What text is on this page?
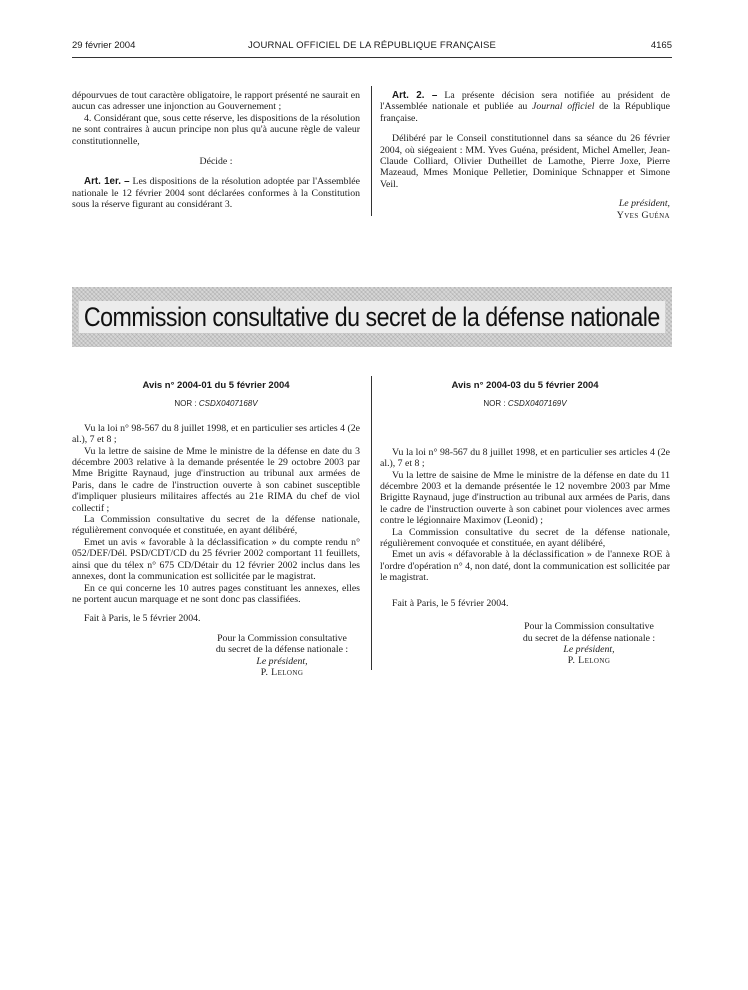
29 février 2004	JOURNAL OFFICIEL DE LA RÉPUBLIQUE FRANÇAISE	4165

dépourvues de tout caractère obligatoire, le rapport présenté ne saurait en aucun cas adresser une injonction au Gouvernement ;

4. Considérant que, sous cette réserve, les dispositions de la résolution ne sont contraires à aucun principe non plus qu'à aucune règle de valeur constitutionnelle,

Décide :

Art. 1er. – Les dispositions de la résolution adoptée par l'Assemblée nationale le 12 février 2004 sont déclarées conformes à la Constitution sous la réserve figurant au considérant 3.

Art. 2. – La présente décision sera notifiée au président de l'Assemblée nationale et publiée au Journal officiel de la République française.

Délibéré par le Conseil constitutionnel dans sa séance du 26 février 2004, où siégeaient : MM. Yves Guéna, président, Michel Ameller, Jean-Claude Colliard, Olivier Dutheillet de Lamothe, Pierre Joxe, Pierre Mazeaud, Mmes Monique Pelletier, Dominique Schnapper et Simone Veil.

Le président,

Yves Guéna

Commission consultative du secret de la défense nationale

Avis n° 2004-01 du 5 février 2004

NOR : CSDX0407168V

Vu la loi n° 98-567 du 8 juillet 1998, et en particulier ses articles 4 (2e al.), 7 et 8 ;

Vu la lettre de saisine de Mme le ministre de la défense en date du 3 décembre 2003 relative à la demande présentée le 29 octobre 2003 par Mme Brigitte Raynaud, juge d'instruction au tribunal aux armées de Paris, dans le cadre de l'instruction ouverte à son cabinet susceptible d'impliquer plusieurs militaires affectés au 21e RIMA du chef de viol collectif ;

La Commission consultative du secret de la défense nationale, régulièrement convoquée et constituée, en ayant délibéré,

Emet un avis « favorable à la déclassification » du compte rendu n° 052/DEF/Dél. PSD/CDT/CD du 25 février 2002 comportant 11 feuillets, ainsi que du télex n° 675 CD/Détair du 12 février 2002 inclus dans les annexes, dont la communication est sollicitée par le magistrat.

En ce qui concerne les 10 autres pages constituant les annexes, elles ne portent aucun marquage et ne sont donc pas classifiées.

Fait à Paris, le 5 février 2004.

Pour la Commission consultative

du secret de la défense nationale :

Le président,

P. Lelong

Avis n° 2004-03 du 5 février 2004

NOR : CSDX0407169V

Vu la loi n° 98-567 du 8 juillet 1998, et en particulier ses articles 4 (2e al.), 7 et 8 ;

Vu la lettre de saisine de Mme le ministre de la défense en date du 11 décembre 2003 et la demande présentée le 12 novembre 2003 par Mme Brigitte Raynaud, juge d'instruction au tribunal aux armées de Paris, dans le cadre de l'instruction ouverte à son cabinet pour violences avec armes contre le légionnaire Maximov (Leonid) ;

La Commission consultative du secret de la défense nationale, régulièrement convoquée et constituée, en ayant délibéré,

Emet un avis « défavorable à la déclassification » de l'annexe ROE à l'ordre d'opération n° 4, non daté, dont la communication est sollicitée par le magistrat.

Fait à Paris, le 5 février 2004.

Pour la Commission consultative

du secret de la défense nationale :

Le président,

P. Lelong
